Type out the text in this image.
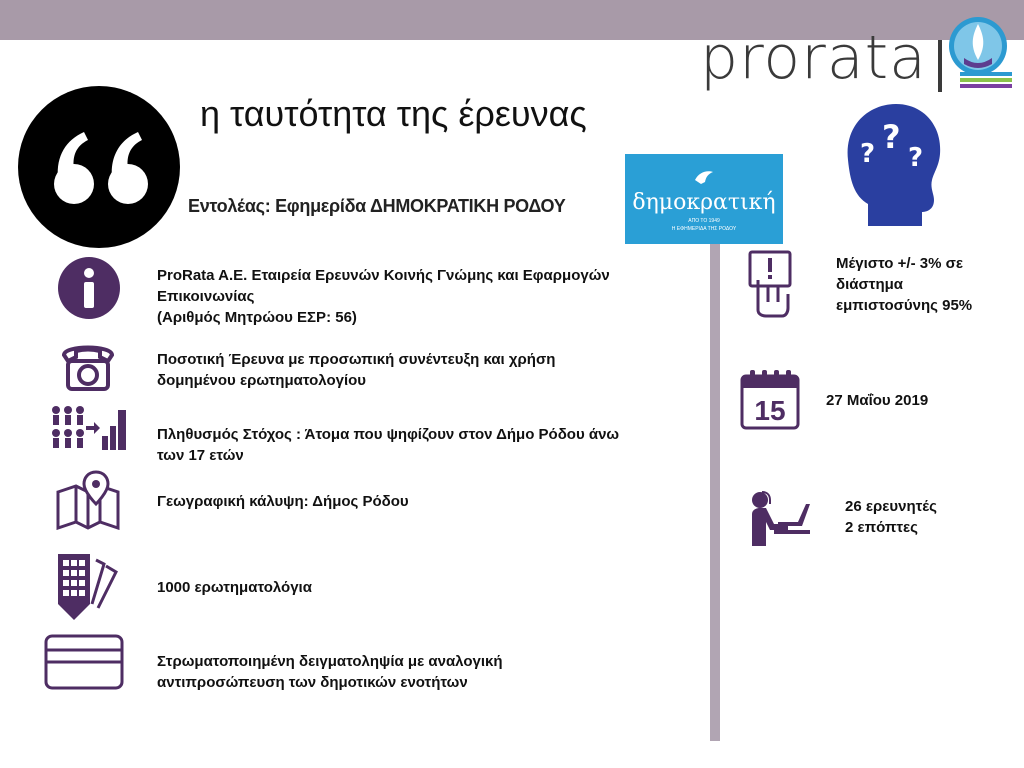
prorata
η ταυτότητα της έρευνας
Εντολέας: Εφημερίδα ΔΗΜΟΚΡΑΤΙΚΗ ΡΟΔΟΥ	δημοκρατική
ΑΠΟ ΤΟ 1949
Η ΕΦΗΜΕΡΙΔΑ ΤΗΣ ΡΟΔΟΥ
? ?
?
ProRata A.E. Εταιρεία Ερευνών Κοινής Γνώμης και Εφαρμογών
Επικοινωνίας
(Αριθμός Μητρώου ΕΣΡ: 56)
Ποσοτική Έρευνα με προσωπική συνέντευξη και χρήση
δομημένου ερωτηματολογίου
Πληθυσμός Στόχος : Άτομα που ψηφίζουν στον Δήμο Ρόδου άνω
των 17 ετών
Γεωγραφική κάλυψη: Δήμος Ρόδου
1000 ερωτηματολόγια
Στρωματοποιημένη δειγματοληψία με αναλογική
αντιπροσώπευση των δημοτικών ενοτήτων
15
Μέγιστο +/- 3% σε
διάστημα
εμπιστοσύνης 95%
27 Μαΐου 2019
26 ερευνητές
2 επόπτες
